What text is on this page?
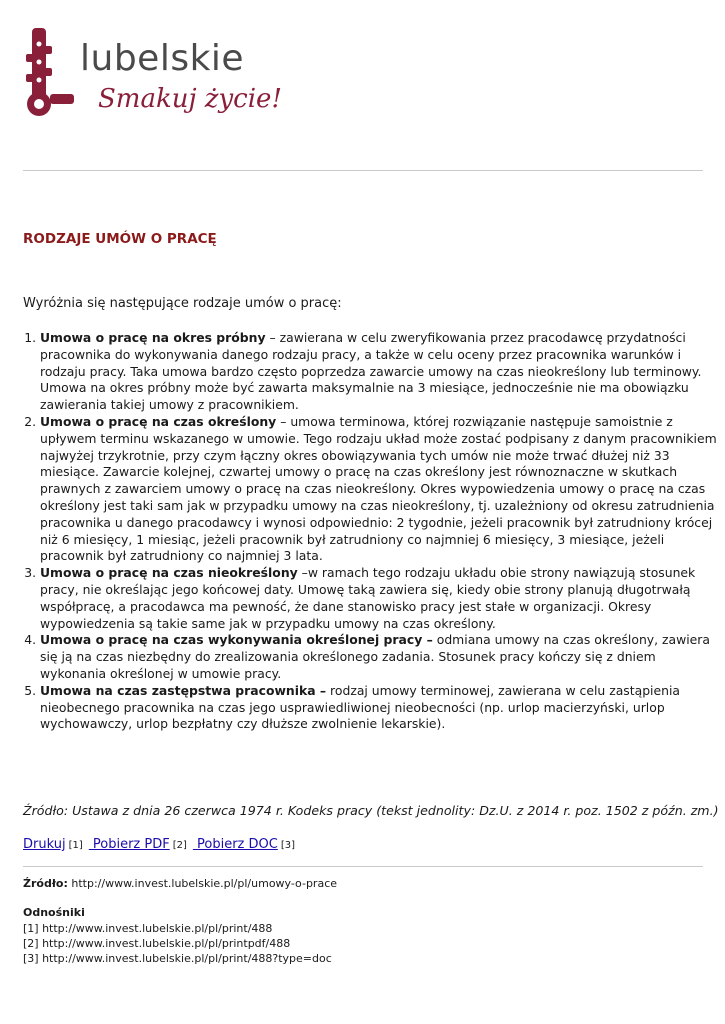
lubelskie
Smakuj życie!
RODZAJE UMÓW O PRACĘ

Wyróżnia się następujące rodzaje umów o pracę:

1. Umowa o pracę na okres próbny – zawierana w celu zweryfikowania przez pracodawcę przydatności pracownika do wykonywania danego rodzaju pracy, a także w celu oceny przez pracownika warunków i rodzaju pracy. Taka umowa bardzo często poprzedza zawarcie umowy na czas nieokreślony lub terminowy. Umowa na okres próbny może być zawarta maksymalnie na 3 miesiące, jednocześnie nie ma obowiązku zawierania takiej umowy z pracownikiem.
2. Umowa o pracę na czas określony – umowa terminowa, której rozwiązanie następuje samoistnie z upływem terminu wskazanego w umowie. Tego rodzaju układ może zostać podpisany z danym pracownikiem najwyżej trzykrotnie, przy czym łączny okres obowiązywania tych umów nie może trwać dłużej niż 33 miesiące. Zawarcie kolejnej, czwartej umowy o pracę na czas określony jest równoznaczne w skutkach prawnych z zawarciem umowy o pracę na czas nieokreślony. Okres wypowiedzenia umowy o pracę na czas określony jest taki sam jak w przypadku umowy na czas nieokreślony, tj. uzależniony od okresu zatrudnienia pracownika u danego pracodawcy i wynosi odpowiednio: 2 tygodnie, jeżeli pracownik był zatrudniony krócej niż 6 miesięcy, 1 miesiąc, jeżeli pracownik był zatrudniony co najmniej 6 miesięcy, 3 miesiące, jeżeli pracownik był zatrudniony co najmniej 3 lata.
3. Umowa o pracę na czas nieokreślony –w ramach tego rodzaju układu obie strony nawiązują stosunek pracy, nie określając jego końcowej daty. Umowę taką zawiera się, kiedy obie strony planują długotrwałą współpracę, a pracodawca ma pewność, że dane stanowisko pracy jest stałe w organizacji. Okresy wypowiedzenia są takie same jak w przypadku umowy na czas określony.
4. Umowa o pracę na czas wykonywania określonej pracy – odmiana umowy na czas określony, zawiera się ją na czas niezbędny do zrealizowania określonego zadania. Stosunek pracy kończy się z dniem wykonania określonej w umowie pracy.
5. Umowa na czas zastępstwa pracownika – rodzaj umowy terminowej, zawierana w celu zastąpienia nieobecnego pracownika na czas jego usprawiedliwionej nieobecności (np. urlop macierzyński, urlop wychowawczy, urlop bezpłatny czy dłuższe zwolnienie lekarskie).

Źródło: Ustawa z dnia 26 czerwca 1974 r. Kodeks pracy (tekst jednolity: Dz.U. z 2014 r. poz. 1502 z późn. zm.)

Drukuj [1] Pobierz PDF [2] Pobierz DOC [3]
Źródło: http://www.invest.lubelskie.pl/pl/umowy-o-prace

Odnośniki

[1] http://www.invest.lubelskie.pl/pl/print/488
[2] http://www.invest.lubelskie.pl/pl/printpdf/488
[3] http://www.invest.lubelskie.pl/pl/print/488?type=doc
